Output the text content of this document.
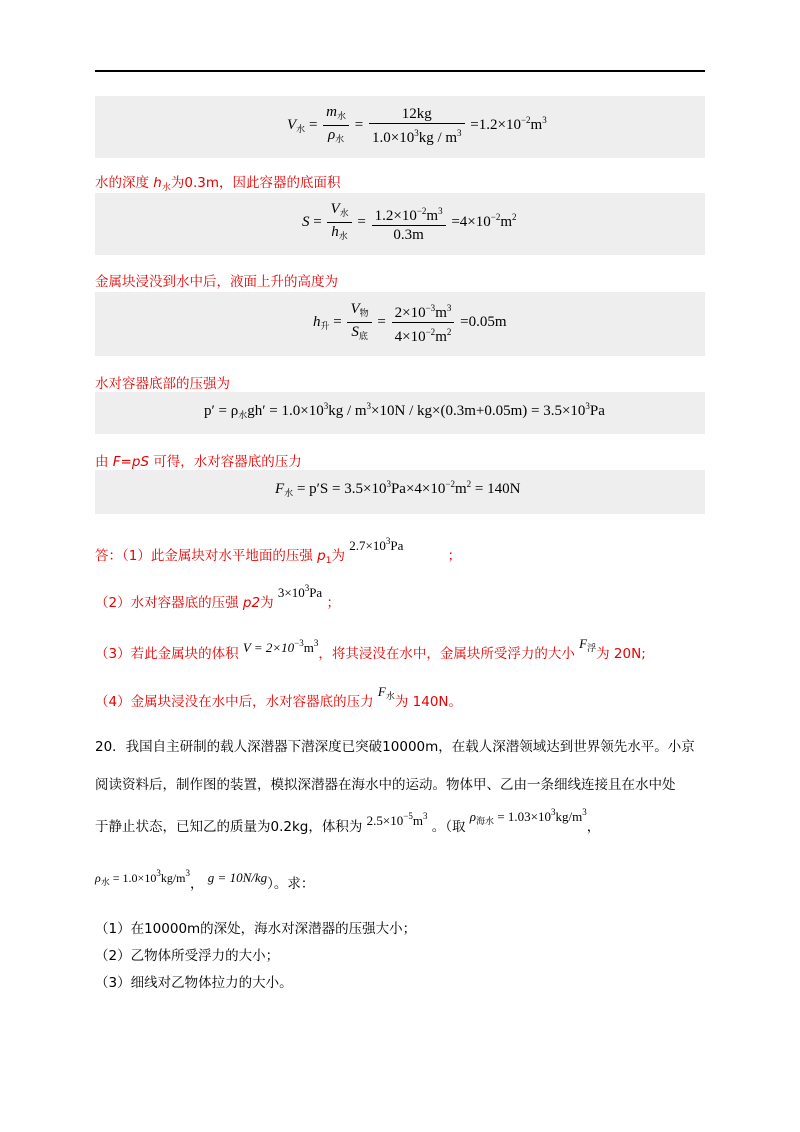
$V_水 = \frac{m_水}{\rho_水} = \frac{12kg}{1.0\times 10^3kg / m^3} =1.2\times 10^{-2}m^3$
水的深度 $h_水$为0.3m，因此容器的底面积
$S = \frac{V_水}{h_水} = \frac{1.2\times 10^{-2}m^3}{0.3m} =4\times 10^{-2}m^2$
金属块浸没到水中后，液面上升的高度为
$h_升 = \frac{V_物}{S_底} = \frac{2\times 10^{-3}m^3}{4\times 10^{-2}m^2} =0.05m$
水对容器底部的压强为
$p' = \rho_水gh' = 1.0\times 10^3kg / m^3\times 10N / kg\times(0.3m+0.05m) = 3.5\times 10^3Pa$
由 F=pS 可得，水对容器底的压力
$F_水 = p'S = 3.5\times 10^3Pa\times 4\times 10^{-2}m^2 = 140N$
答：（1）此金属块对水平地面的压强 $p_1$为 $2.7\times 10^3Pa$ ；
（2）水对容器底的压强 p2为 $3\times 10^3Pa$ ；
（3）若此金属块的体积 $V = 2\times 10^{-3}m^3$，将其浸没在水中，金属块所受浮力的大小 $F_浮$为 20N;
（4）金属块浸没在水中后，水对容器底的压力 $F_水$为 140N。
20．我国自主研制的载人深潜器下潜深度已突破10000m，在载人深潜领域达到世界领先水平。小京
阅读资料后，制作图的装置，模拟深潜器在海水中的运动。物体甲、乙由一条细线连接且在水中处
于静止状态，已知乙的质量为0.2kg，体积为 $2.5\times 10^{-5}m^3$ 。（取 $\rho_{海水} = 1.03\times 10^3kg/m^3$，
$\rho_水 = 1.0\times 10^3kg/m^3$， g = 10N/kg）。求：
（1）在10000m的深处，海水对深潜器的压强大小；
（2）乙物体所受浮力的大小；
（3）细线对乙物体拉力的大小。
